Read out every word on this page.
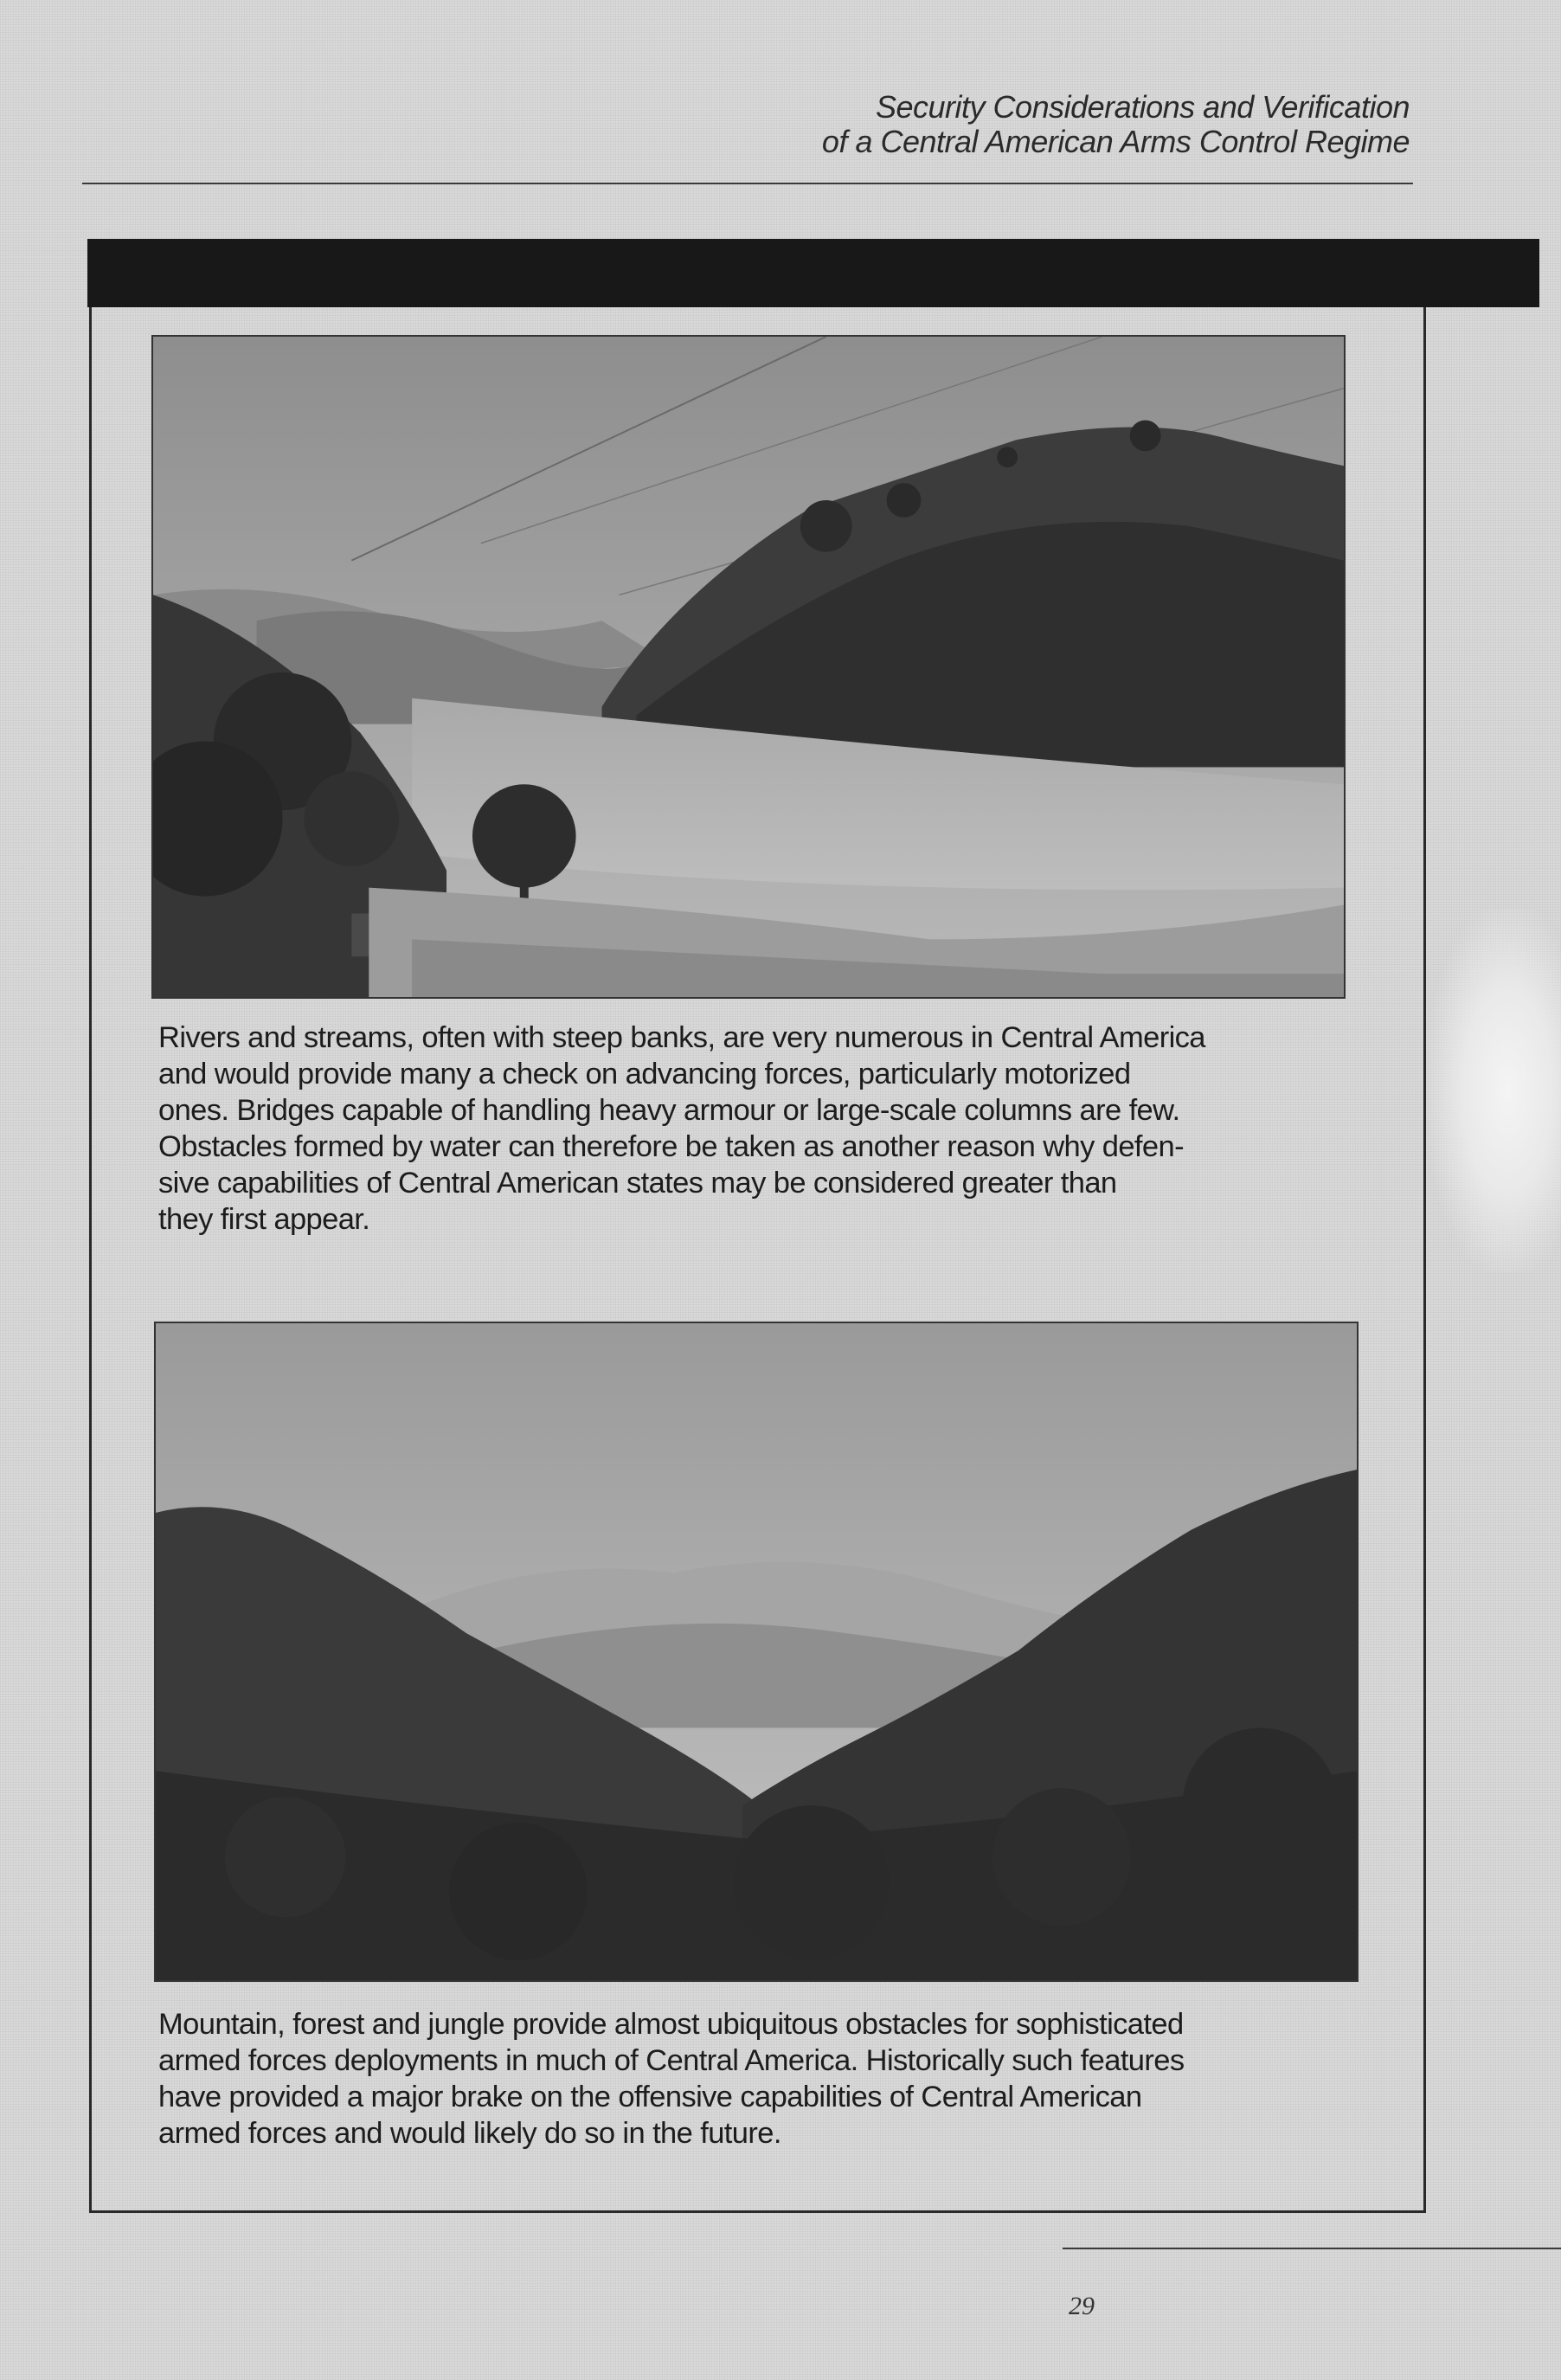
Security Considerations and Verification
of a Central American Arms Control Regime
Rivers and streams, often with steep banks, are very numerous in Central America
and would provide many a check on advancing forces, particularly motorized
ones. Bridges capable of handling heavy armour or large-scale columns are few.
Obstacles formed by water can therefore be taken as another reason why defen-
sive capabilities of Central American states may be considered greater than
they first appear.
Mountain, forest and jungle provide almost ubiquitous obstacles for sophisticated
armed forces deployments in much of Central America. Historically such features
have provided a major brake on the offensive capabilities of Central American
armed forces and would likely do so in the future.
29
